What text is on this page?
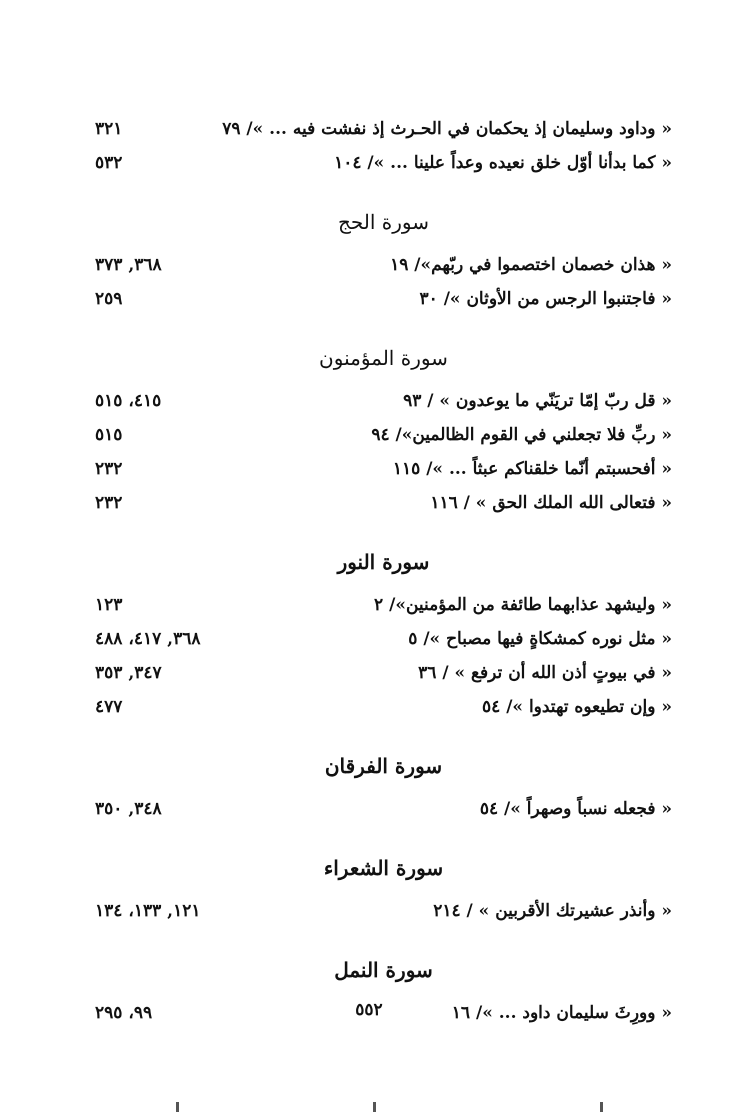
« وداود وسليمان إذ يحكمان في الحـرث إذ نفشت فيه ... »/ ٧٩
٣٢١
« كما بدأنا أوّل خلق نعيده وعداً علينا ... »/ ١٠٤
٥٣٢
سورة الحج
« هذان خصمان اختصموا في ربّهم»/ ١٩
٣٦٨, ٣٧٣
« فاجتنبوا الرجس من الأوثان »/ ٣٠
٢٥٩
سورة المؤمنون
« قل ربّ إمّا تريَنّي ما يوعدون » / ٩٣
٤١٥، ٥١٥
« ربِّ فلا تجعلني في القوم الظالمين»/ ٩٤
٥١٥
« أفحسبتم أنّما خلقناكم عبثاً ... »/ ١١٥
٢٣٢
« فتعالى الله الملك الحق » / ١١٦
٢٣٢
سورة النور
« وليشهد عذابهما طائفة من المؤمنين»/ ٢
١٢٣
« مثل نوره كمشكاةٍ فيها مصباح »/ ٥
٣٦٨, ٤١٧، ٤٨٨
« في بيوتٍ أذن الله أن ترفع » / ٣٦
٣٤٧, ٣٥٣
« وإن تطيعوه تهتدوا »/ ٥٤
٤٧٧
سورة الفرقان
« فجعله نسباً وصهراً »/ ٥٤
٣٤٨, ٣٥٠
سورة الشعراء
« وأنذر عشيرتك الأقربين » / ٢١٤
١٢١, ١٣٣، ١٣٤
سورة النمل
« وورِثَ سليمان داود ... »/ ١٦
٩٩، ٢٩٥	٥٥٢
